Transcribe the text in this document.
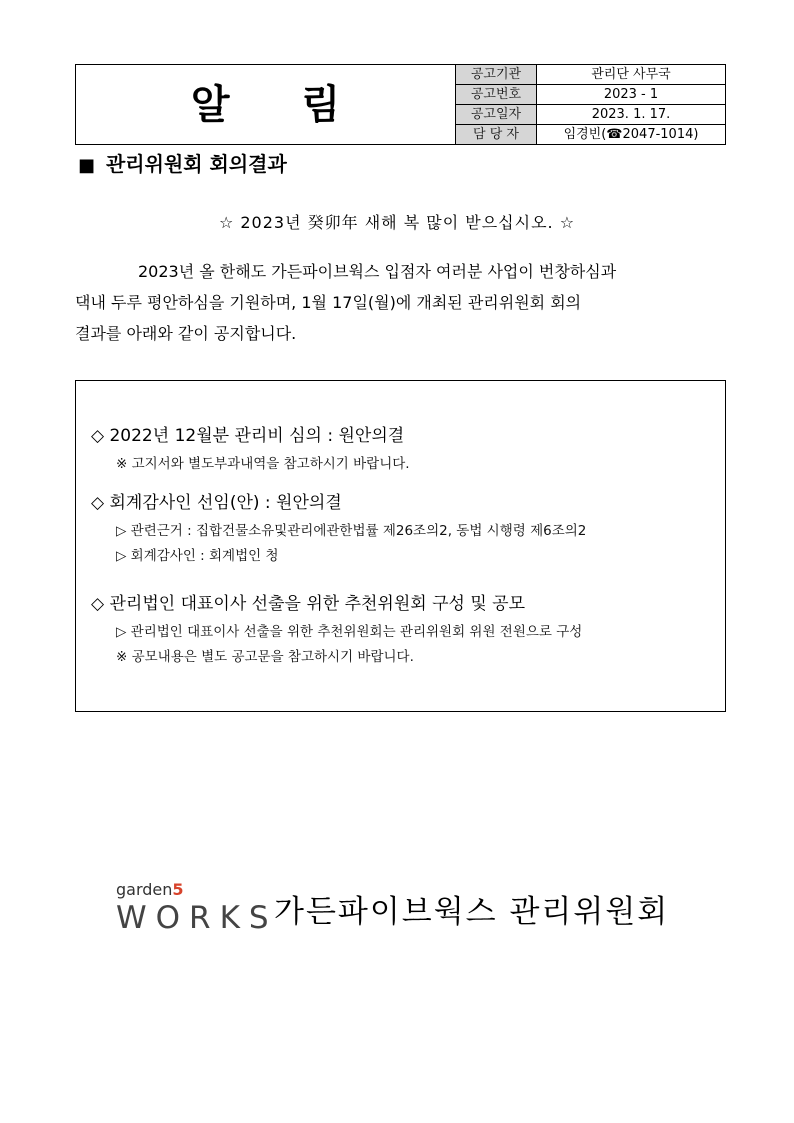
알림
공고기관	관리단 사무국
공고번호	2023 - 1
공고일자	2023. 1. 17.
담 당 자	임경빈(☎2047-1014)
■ 관리위원회 회의결과
☆ 2023년 癸卯年 새해 복 많이 받으십시오. ☆

2023년 올 한해도 가든파이브웍스 입점자 여러분 사업이 번창하심과
댁내 두루 평안하심을 기원하며, 1월 17일(월)에 개최된 관리위원회 회의
결과를 아래와 같이 공지합니다.

◇ 2022년 12월분 관리비 심의 : 원안의결
※ 고지서와 별도부과내역을 참고하시기 바랍니다.
◇ 회계감사인 선임(안) : 원안의결
▷ 관련근거 : 집합건물소유및관리에관한법률 제26조의2, 동법 시행령 제6조의2
▷ 회계감사인 : 회계법인 청
◇ 관리법인 대표이사 선출을 위한 추천위원회 구성 및 공모
▷ 관리법인 대표이사 선출을 위한 추천위원회는 관리위원회 위원 전원으로 구성
※ 공모내용은 별도 공고문을 참고하시기 바랍니다.
garden5
WORKS
가든파이브웍스 관리위원회
